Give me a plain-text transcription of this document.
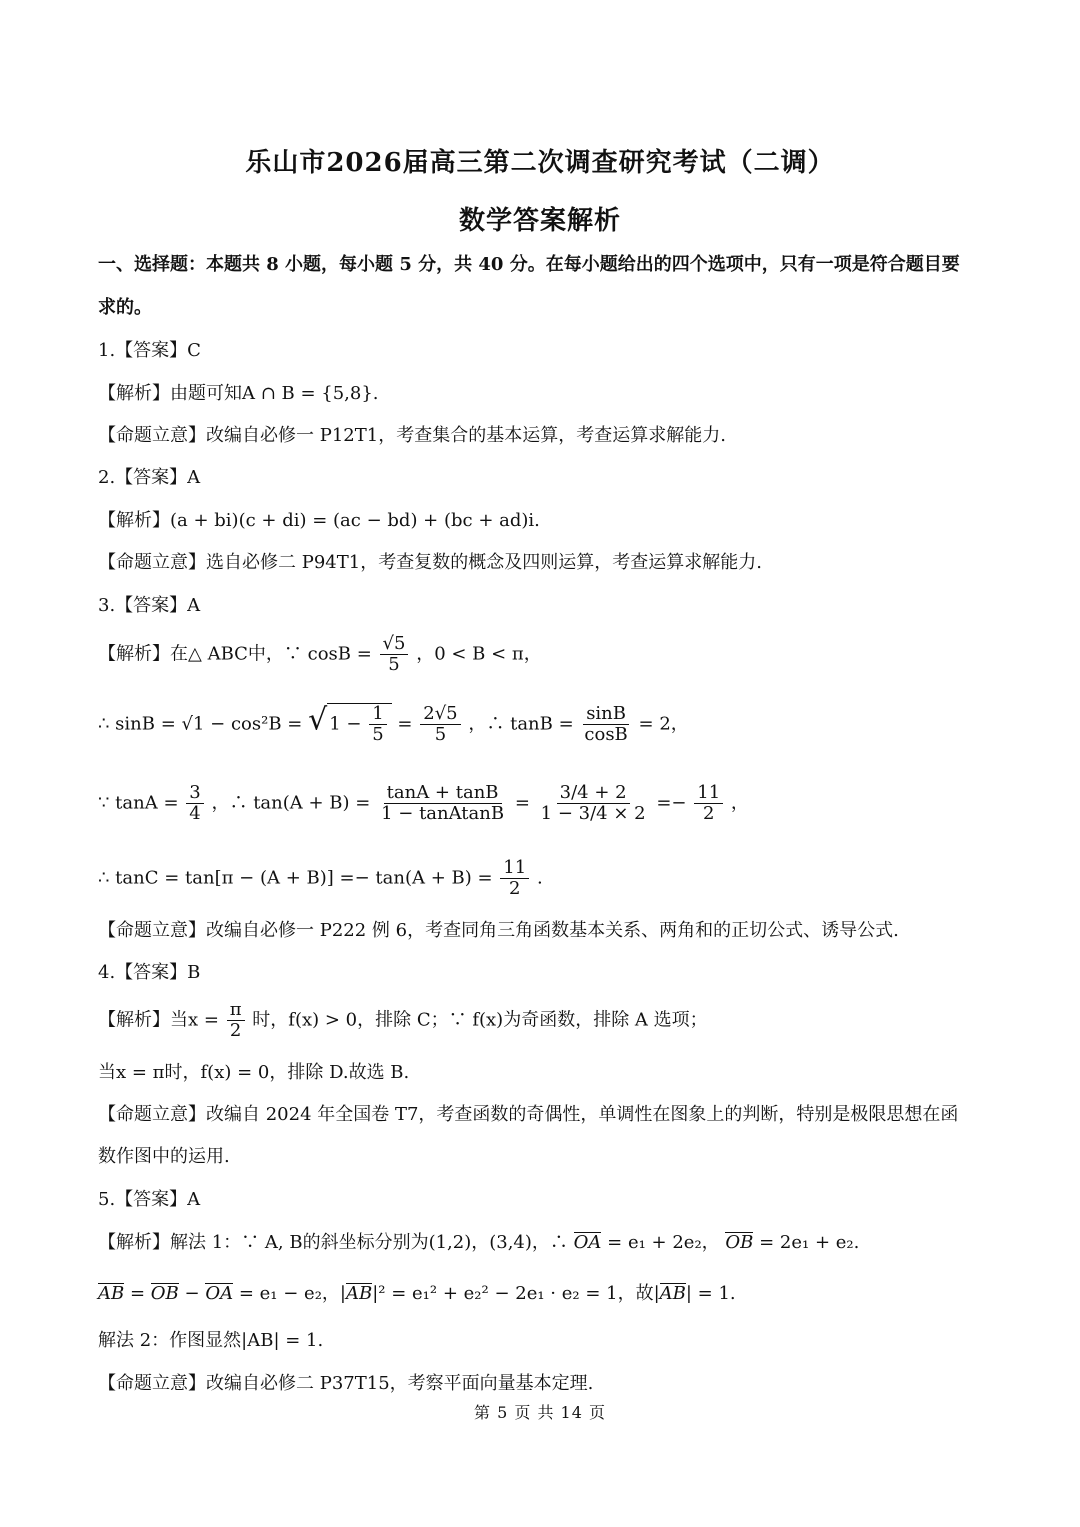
乐山市2026届高三第二次调查研究考试（二调）
数学答案解析
一、选择题：本题共 8 小题，每小题 5 分，共 40 分。在每小题给出的四个选项中，只有一项是符合题目要
求的。
1.【答案】C
【解析】由题可知A ∩ B = {5,8}.
【命题立意】改编自必修一 P12T1，考查集合的基本运算，考查运算求解能力.
2.【答案】A
【解析】(a + bi)(c + di) = (ac − bd) + (bc + ad)i.
【命题立意】选自必修二 P94T1，考查复数的概念及四则运算，考查运算求解能力.
3.【答案】A
【解析】在△ ABC中，∵ $\cos B = \frac{√5}{5}$ ，0 < B < π，
∴ sinB = √1 − cos²B = √ $1 - \frac{1}{5} = \frac{2√5}{5}$ ，∴ $\tan B = \frac{\sin B}{\cos B} = 2$，
∵ $\tan A = \frac{3}{4}$ ，∴ $\tan(A + B) = \frac{\tan A + \tan B}{\text{1 − tanAtanB}} = \frac{3/4 + 2}{1 - 3/4 \times 2} =- \frac{11}{2}$ ，
∴ $\tan C = \tan[\pi - (A + B)] =- \tan(A + B) = \frac{11}{2}$ .
【命题立意】改编自必修一 P222 例 6，考查同角三角函数基本关系、两角和的正切公式、诱导公式.
4.【答案】B
【解析】当$x = \frac{\pi}{2}$ 时，f(x) > 0，排除 C；∵ f(x)为奇函数，排除 A 选项；
当x = π时，f(x) = 0，排除 D.故选 B.
【命题立意】改编自 2024 年全国卷 T7，考查函数的奇偶性，单调性在图象上的判断，特别是极限思想在函
数作图中的运用.
5.【答案】A
【解析】解法 1：∵ A, B的斜坐标分别为(1,2)，(3,4)，∴ OA = e₁ + 2e₂， OB = 2e₁ + e₂.
AB = OB − OA = e₁ − e₂，|AB|² = e₁² + e₂² − 2e₁ · e₂ = 1，故|AB| = 1.
解法 2：作图显然|AB| = 1.
【命题立意】改编自必修二 P37T15，考察平面向量基本定理.
第 5 页 共 14 页
